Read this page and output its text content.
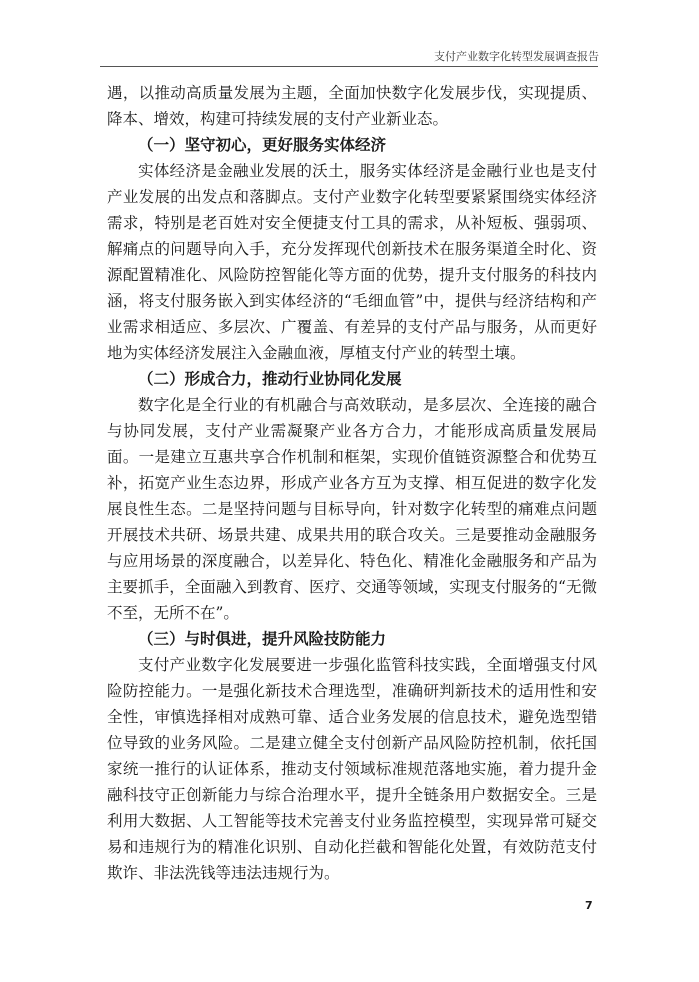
支付产业数字化转型发展调查报告

遇，以推动高质量发展为主题，全面加快数字化发展步伐，实现提质、降本、增效，构建可持续发展的支付产业新业态。

（一）坚守初心，更好服务实体经济

实体经济是金融业发展的沃土，服务实体经济是金融行业也是支付产业发展的出发点和落脚点。支付产业数字化转型要紧紧围绕实体经济需求，特别是老百姓对安全便捷支付工具的需求，从补短板、强弱项、解痛点的问题导向入手，充分发挥现代创新技术在服务渠道全时化、资源配置精准化、风险防控智能化等方面的优势，提升支付服务的科技内涵，将支付服务嵌入到实体经济的“毛细血管”中，提供与经济结构和产业需求相适应、多层次、广覆盖、有差异的支付产品与服务，从而更好地为实体经济发展注入金融血液，厚植支付产业的转型土壤。

（二）形成合力，推动行业协同化发展

数字化是全行业的有机融合与高效联动，是多层次、全连接的融合与协同发展，支付产业需凝聚产业各方合力，才能形成高质量发展局面。一是建立互惠共享合作机制和框架，实现价值链资源整合和优势互补，拓宽产业生态边界，形成产业各方互为支撑、相互促进的数字化发展良性生态。二是坚持问题与目标导向，针对数字化转型的痛难点问题开展技术共研、场景共建、成果共用的联合攻关。三是要推动金融服务与应用场景的深度融合，以差异化、特色化、精准化金融服务和产品为主要抓手，全面融入到教育、医疗、交通等领域，实现支付服务的“无微不至，无所不在”。

（三）与时俱进，提升风险技防能力

支付产业数字化发展要进一步强化监管科技实践，全面增强支付风险防控能力。一是强化新技术合理选型，准确研判新技术的适用性和安全性，审慎选择相对成熟可靠、适合业务发展的信息技术，避免选型错位导致的业务风险。二是建立健全支付创新产品风险防控机制，依托国家统一推行的认证体系，推动支付领域标准规范落地实施，着力提升金融科技守正创新能力与综合治理水平，提升全链条用户数据安全。三是利用大数据、人工智能等技术完善支付业务监控模型，实现异常可疑交易和违规行为的精准化识别、自动化拦截和智能化处置，有效防范支付欺诈、非法洗钱等违法违规行为。

7
